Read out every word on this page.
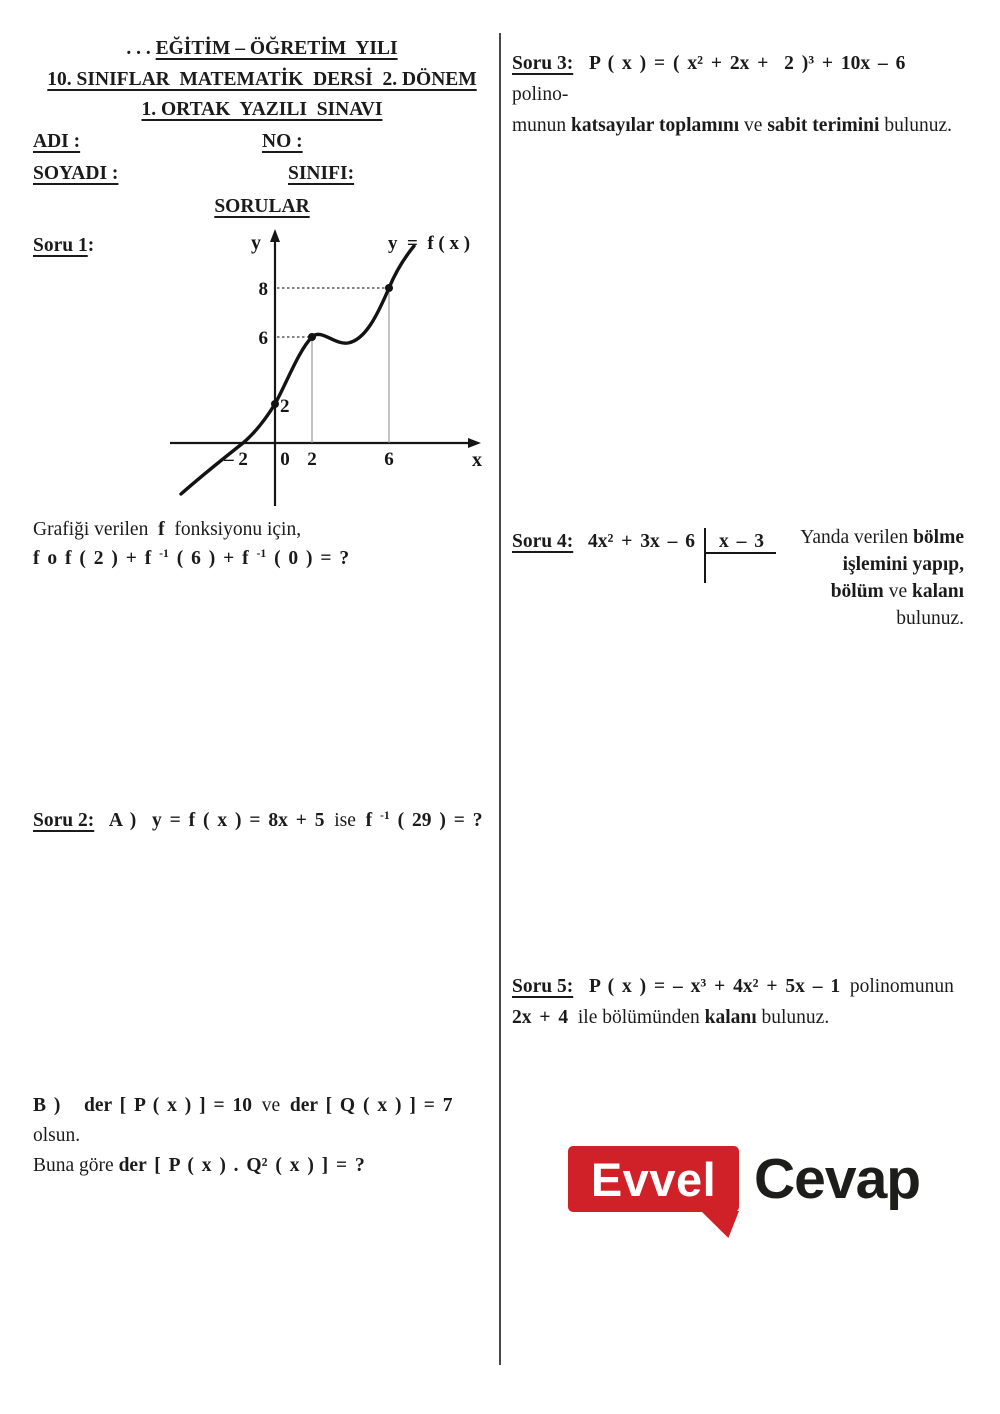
. . . EĞİTİM – ÖĞRETİM  YILI
10. SINIFLAR  MATEMATİK  DERSİ  2. DÖNEM
1. ORTAK  YAZILI  SINAVI
ADI :	NO :
SOYADI :	SINIFI:
SORULAR
Soru 1:	y	y  =  f ( x )
x
8
6
2
– 2 0 2	6
Grafiği verilen  f  fonksiyonu için,
f o f ( 2 ) + f $^{-1}$ ( 6 ) + f $^{-1}$ ( 0 ) = ?
Soru 2:  A )  y = f ( x ) = 8x + 5  ise  f $^{-1}$ ( 29 ) = ?
B )   der [ P ( x ) ] = 10  ve  der [ Q ( x ) ] = 7  olsun.
Buna göre der [ P ( x ) . Q² ( x ) ] = ?
Soru 3:  P ( x ) = ( x² + 2x +  2 )³ + 10x – 6  polino-
munun katsayılar toplamını ve sabit terimini bulunuz.
Soru 4: 4x² + 3x – 6 x – 3	Yanda verilen bölme
işlemini yapıp,
bölüm ve kalanı
bulunuz.
Soru 5:  P ( x ) = – x³ + 4x² + 5x – 1  polinomunun
2x + 4  ile bölümünden kalanı bulunuz.
Evvel Cevap
